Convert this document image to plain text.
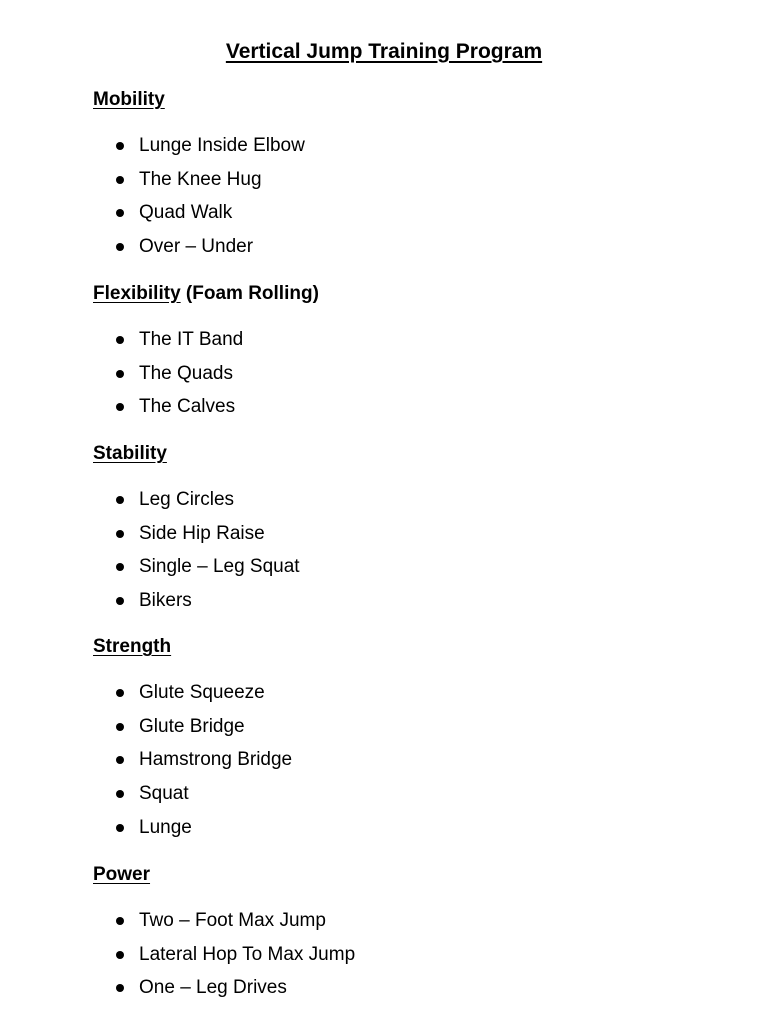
Vertical Jump Training Program
Mobility
Lunge Inside Elbow
The Knee Hug
Quad Walk
Over – Under
Flexibility (Foam Rolling)
The IT Band
The Quads
The Calves
Stability
Leg Circles
Side Hip Raise
Single – Leg Squat
Bikers
Strength
Glute Squeeze
Glute Bridge
Hamstrong Bridge
Squat
Lunge
Power
Two – Foot Max Jump
Lateral Hop To Max Jump
One – Leg Drives
